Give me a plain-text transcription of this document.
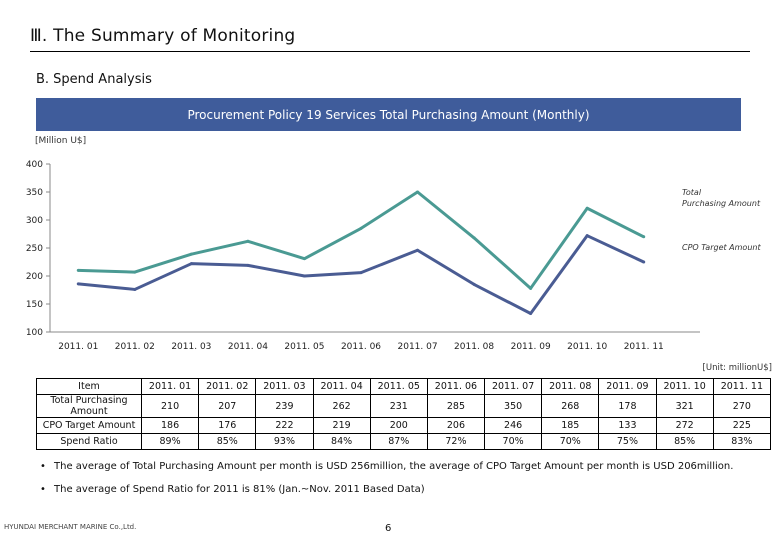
Ⅲ. The Summary of Monitoring
B. Spend Analysis
Procurement Policy 19 Services Total Purchasing Amount (Monthly)
[Million U$]
400
350
300
250
200
150
100
2011. 01 2011. 02 2011. 03 2011. 04 2011. 05 2011. 06 2011. 07 2011. 08 2011. 09 2011. 10 2011. 11
Total
Purchasing Amount
CPO Target Amount
[Unit: millionU$]
Item	2011. 01	2011. 02	2011. 03	2011. 04	2011. 05	2011. 06	2011. 07	2011. 08	2011. 09	2011. 10	2011. 11
Total Purchasing Amount	210	207	239	262	231	285	350	268	178	321	270
CPO Target Amount	186	176	222	219	200	206	246	185	133	272	225
Spend Ratio	89%	85%	93%	84%	87%	72%	70%	70%	75%	85%	83%
• The average of Total Purchasing Amount per month is USD 256million, the average of CPO Target Amount per month is USD 206million.
• The average of Spend Ratio for 2011 is 81% (Jan.~Nov. 2011 Based Data)
HYUNDAI MERCHANT MARINE Co.,Ltd.	6
